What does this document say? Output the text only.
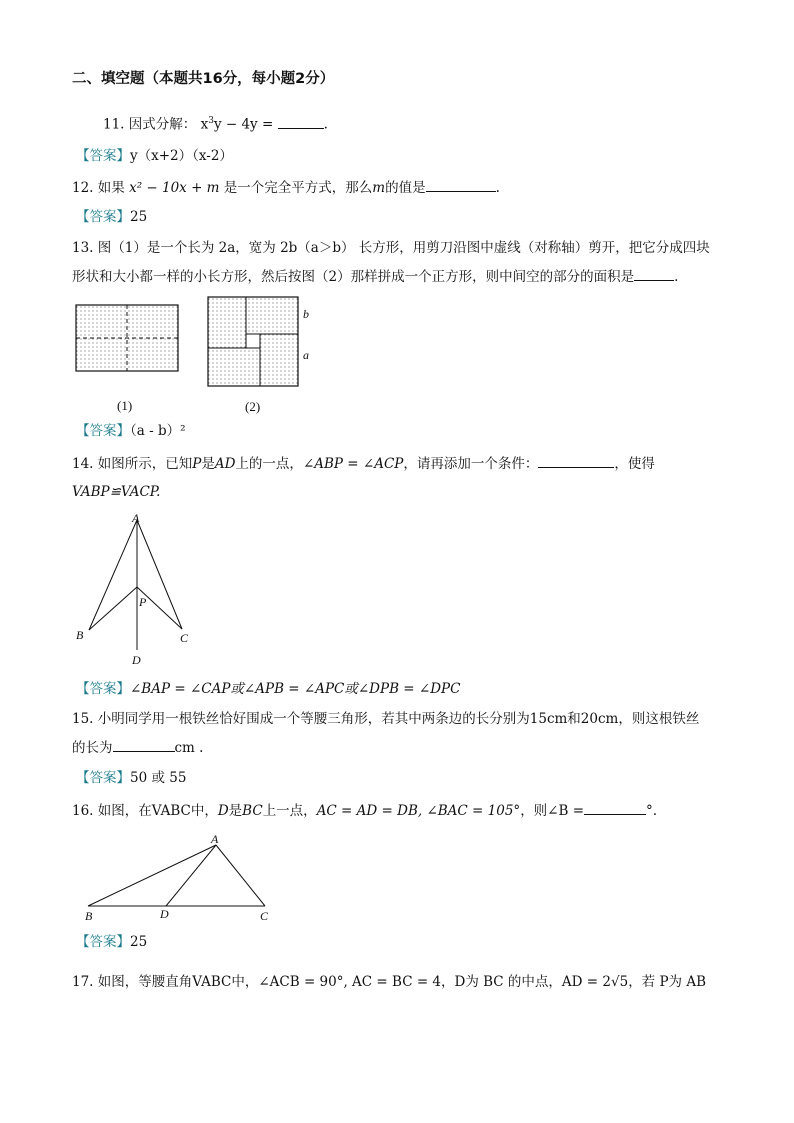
二、填空题（本题共16分，每小题2分）
11. 因式分解： $x^3y - 4y$ =	.
【答案】y（x+2）（x-2）
12. 如果 x² − 10x + m 是一个完全平方式，那么m的值是	.
【答案】25
13. 图（1）是一个长为 2a，宽为 2b（a＞b） 长方形，用剪刀沿图中虚线（对称轴）剪开，把它分成四块
形状和大小都一样的小长方形，然后按图（2）那样拼成一个正方形，则中间空的部分的面积是	.
b
a
(1)	(2)
【答案】（a - b）²
14. 如图所示，已知P是AD上的一点，∠ABP = ∠ACP，请再添加一个条件：	，使得
VABP≌VACP.
A
P
B	C
D
【答案】∠BAP = ∠CAP或∠APB = ∠APC或∠DPB = ∠DPC
15. 小明同学用一根铁丝恰好围成一个等腰三角形，若其中两条边的长分别为15cm和20cm，则这根铁丝
的长为	cm .
【答案】50 或 55
16. 如图，在VABC中，D是BC上一点，AC = AD = DB, ∠BAC = 105°，则∠B =	°.
A
B	D	C
【答案】25
17. 如图，等腰直角VABC中，∠ACB = 90°, AC = BC = 4，D为 BC 的中点，AD = 2√5，若 P为 AB
